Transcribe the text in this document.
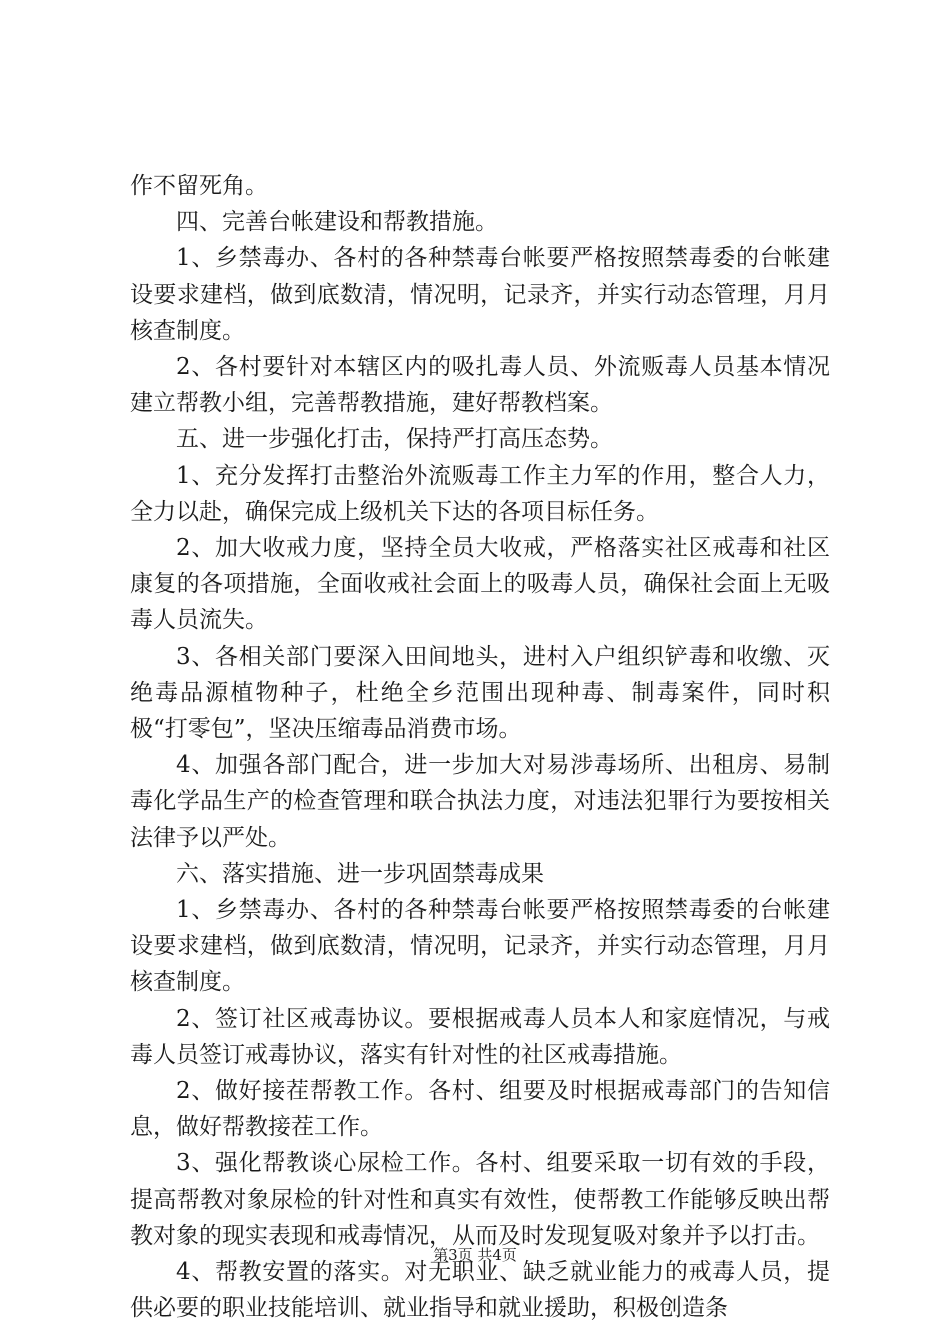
作不留死角。

四、完善台帐建设和帮教措施。

1、乡禁毒办、各村的各种禁毒台帐要严格按照禁毒委的台帐建设要求建档，做到底数清，情况明，记录齐，并实行动态管理，月月核查制度。

2、各村要针对本辖区内的吸扎毒人员、外流贩毒人员基本情况建立帮教小组，完善帮教措施，建好帮教档案。

五、进一步强化打击，保持严打高压态势。

1、充分发挥打击整治外流贩毒工作主力军的作用，整合人力，全力以赴，确保完成上级机关下达的各项目标任务。

2、加大收戒力度，坚持全员大收戒，严格落实社区戒毒和社区康复的各项措施，全面收戒社会面上的吸毒人员，确保社会面上无吸毒人员流失。

3、各相关部门要深入田间地头，进村入户组织铲毒和收缴、灭绝毒品源植物种子，杜绝全乡范围出现种毒、制毒案件，同时积极“打零包”，坚决压缩毒品消费市场。

4、加强各部门配合，进一步加大对易涉毒场所、出租房、易制毒化学品生产的检查管理和联合执法力度，对违法犯罪行为要按相关法律予以严处。

六、落实措施、进一步巩固禁毒成果

1、乡禁毒办、各村的各种禁毒台帐要严格按照禁毒委的台帐建设要求建档，做到底数清，情况明，记录齐，并实行动态管理，月月核查制度。

2、签订社区戒毒协议。要根据戒毒人员本人和家庭情况，与戒毒人员签订戒毒协议，落实有针对性的社区戒毒措施。

2、做好接茬帮教工作。各村、组要及时根据戒毒部门的告知信息，做好帮教接茬工作。

3、强化帮教谈心尿检工作。各村、组要采取一切有效的手段，提高帮教对象尿检的针对性和真实有效性，使帮教工作能够反映出帮教对象的现实表现和戒毒情况，从而及时发现复吸对象并予以打击。

4、帮教安置的落实。对无职业、缺乏就业能力的戒毒人员，提供必要的职业技能培训、就业指导和就业援助，积极创造条

第3页 共4页
